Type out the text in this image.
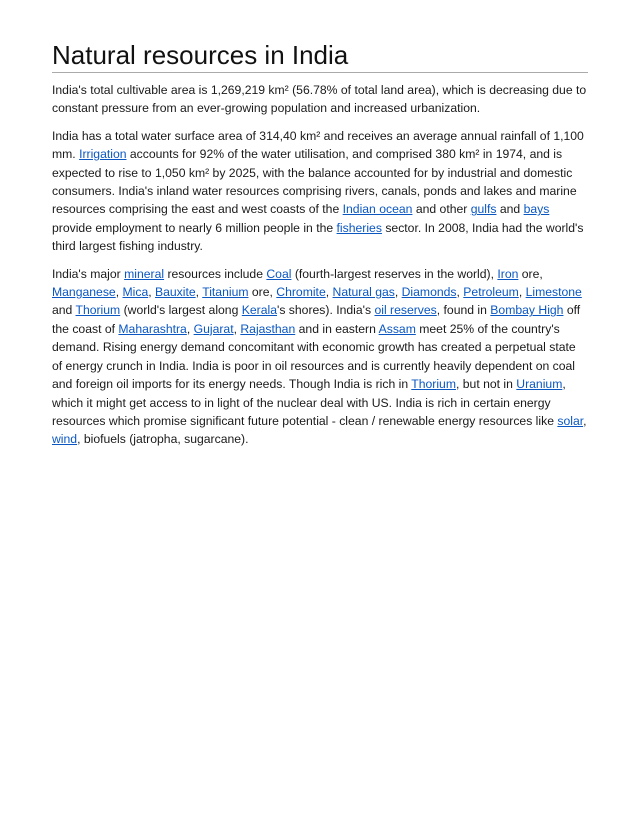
Natural resources in India

India's total cultivable area is 1,269,219 km² (56.78% of total land area), which is decreasing due to constant pressure from an ever-growing population and increased urbanization.

India has a total water surface area of 314,40 km² and receives an average annual rainfall of 1,100 mm. Irrigation accounts for 92% of the water utilisation, and comprised 380 km² in 1974, and is expected to rise to 1,050 km² by 2025, with the balance accounted for by industrial and domestic consumers. India's inland water resources comprising rivers, canals, ponds and lakes and marine resources comprising the east and west coasts of the Indian ocean and other gulfs and bays provide employment to nearly 6 million people in the fisheries sector. In 2008, India had the world's third largest fishing industry.

India's major mineral resources include Coal (fourth-largest reserves in the world), Iron ore, Manganese, Mica, Bauxite, Titanium ore, Chromite, Natural gas, Diamonds, Petroleum, Limestone and Thorium (world's largest along Kerala's shores). India's oil reserves, found in Bombay High off the coast of Maharashtra, Gujarat, Rajasthan and in eastern Assam meet 25% of the country's demand. Rising energy demand concomitant with economic growth has created a perpetual state of energy crunch in India. India is poor in oil resources and is currently heavily dependent on coal and foreign oil imports for its energy needs. Though India is rich in Thorium, but not in Uranium, which it might get access to in light of the nuclear deal with US. India is rich in certain energy resources which promise significant future potential - clean / renewable energy resources like solar, wind, biofuels (jatropha, sugarcane).
